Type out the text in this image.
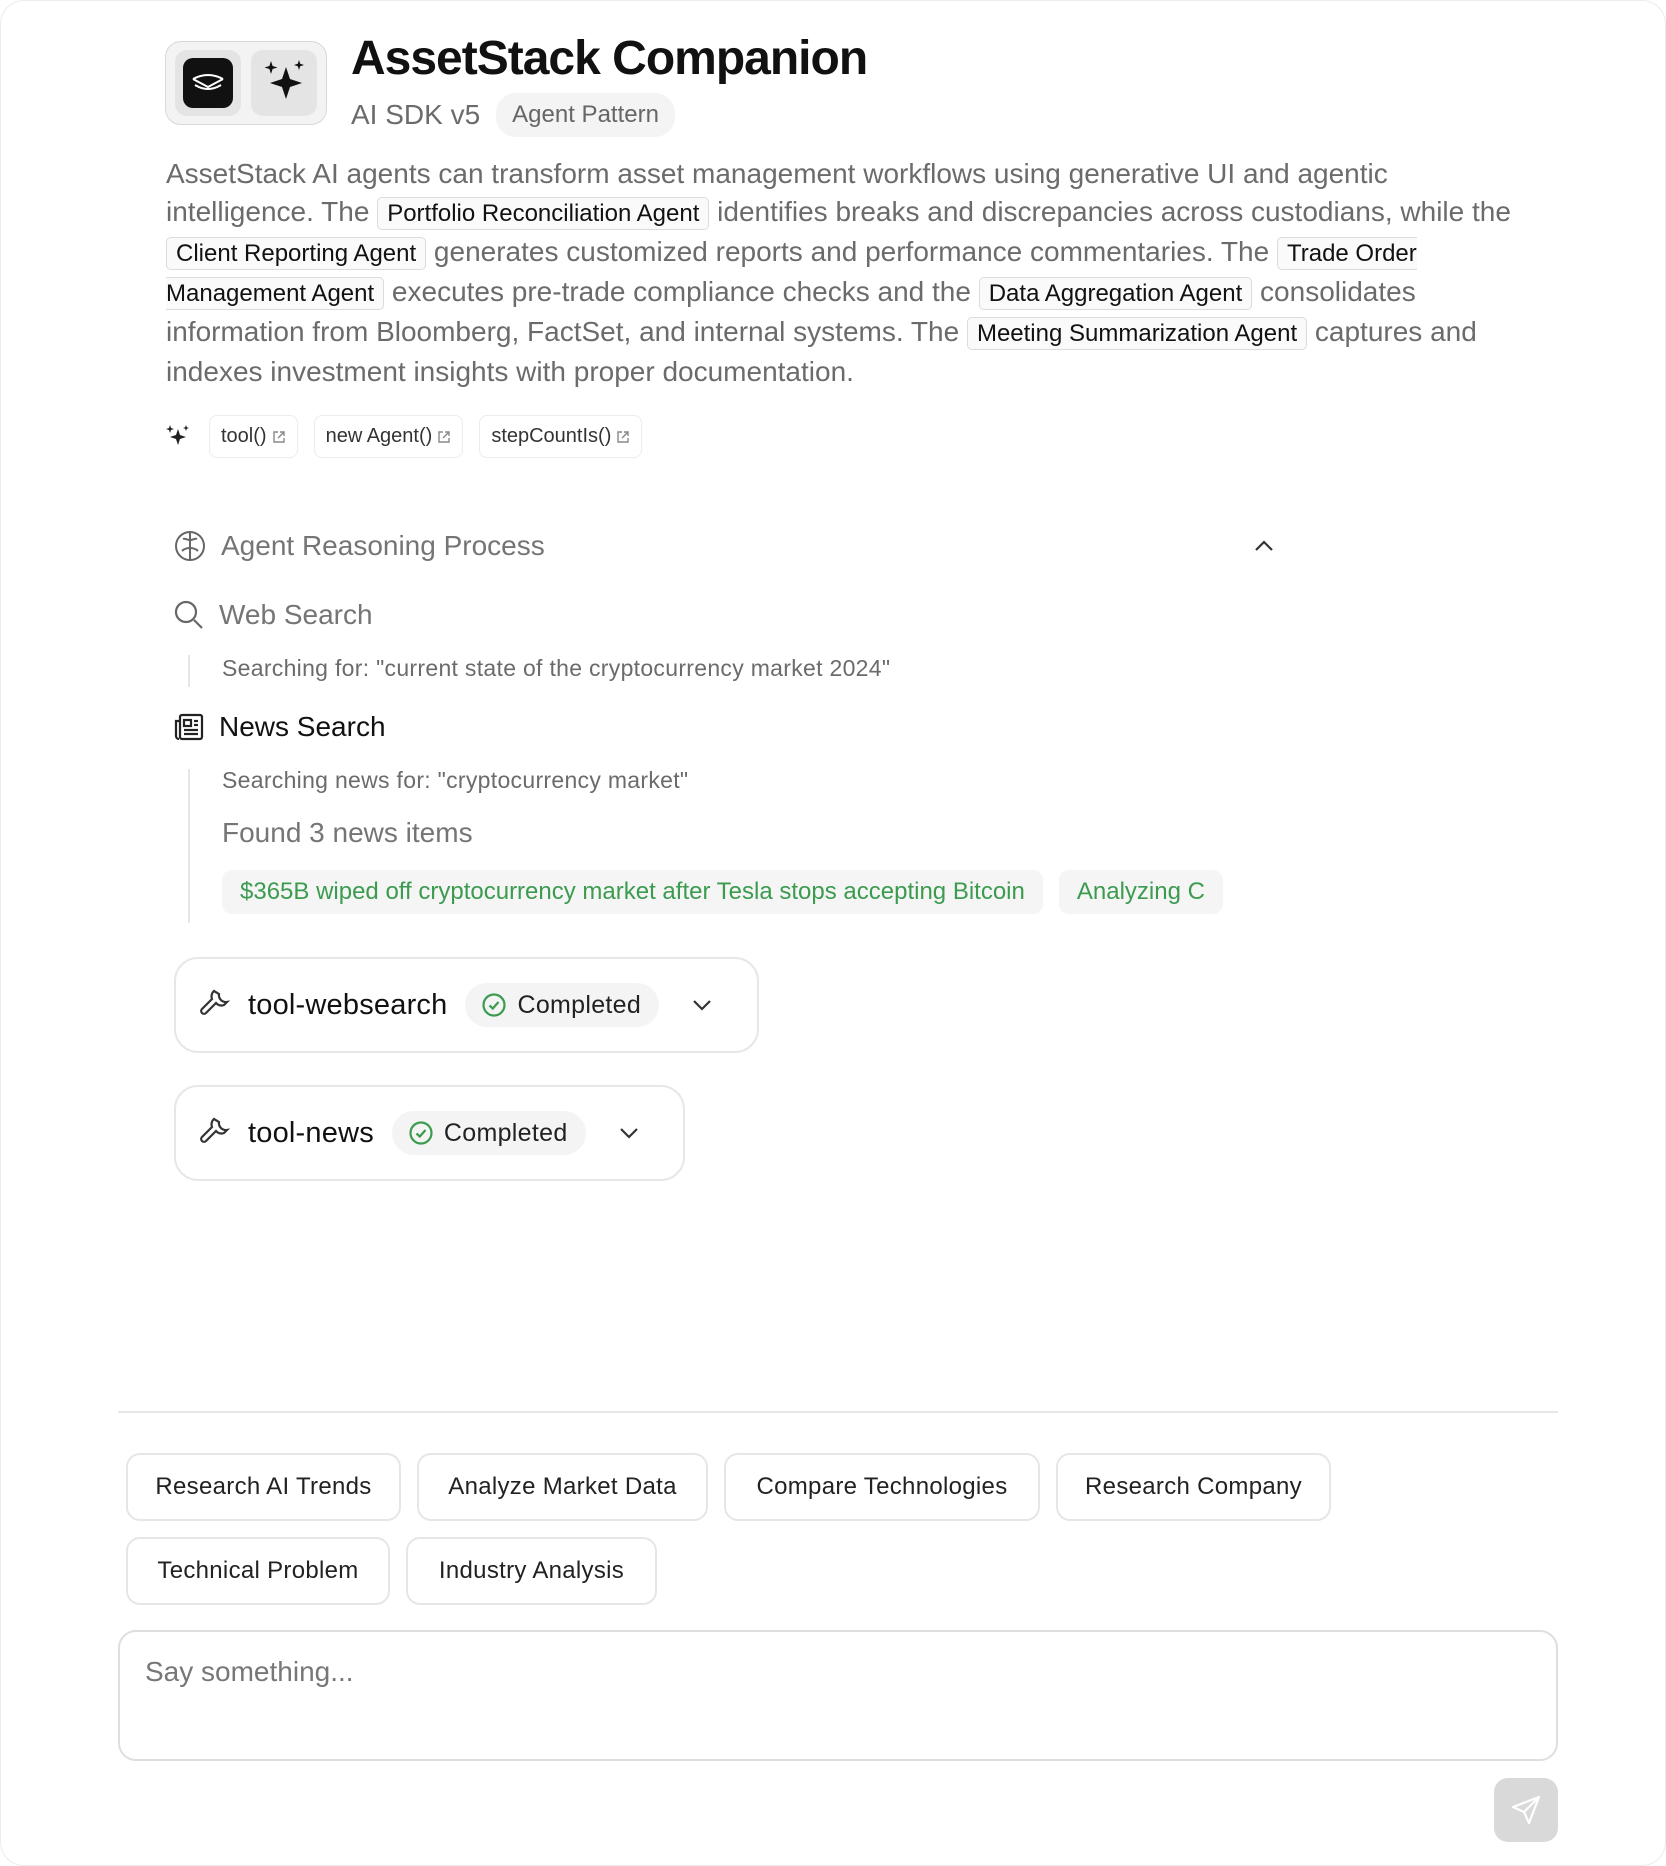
AssetStack Companion
AI SDK v5	Agent Pattern

AssetStack AI agents can transform asset management workflows using generative UI and agentic intelligence. The Portfolio Reconciliation Agent identifies breaks and discrepancies across custodians, while the Client Reporting Agent generates customized reports and performance commentaries. The Trade Order Management Agent executes pre-trade compliance checks and the Data Aggregation Agent consolidates information from Bloomberg, FactSet, and internal systems. The Meeting Summarization Agent captures and indexes investment insights with proper documentation.

tool()	new Agent()	stepCountIs()
Agent Reasoning Process
Web Search
Searching for: "current state of the cryptocurrency market 2024"
News Search
Searching news for: "cryptocurrency market"
Found 3 news items
$365B wiped off cryptocurrency market after Tesla stops accepting Bitcoin	Analyzing C
tool-websearch	Completed
tool-news	Completed
Research AI Trends	Analyze Market Data	Compare Technologies	Research Company
Technical Problem	Industry Analysis
Say something...
